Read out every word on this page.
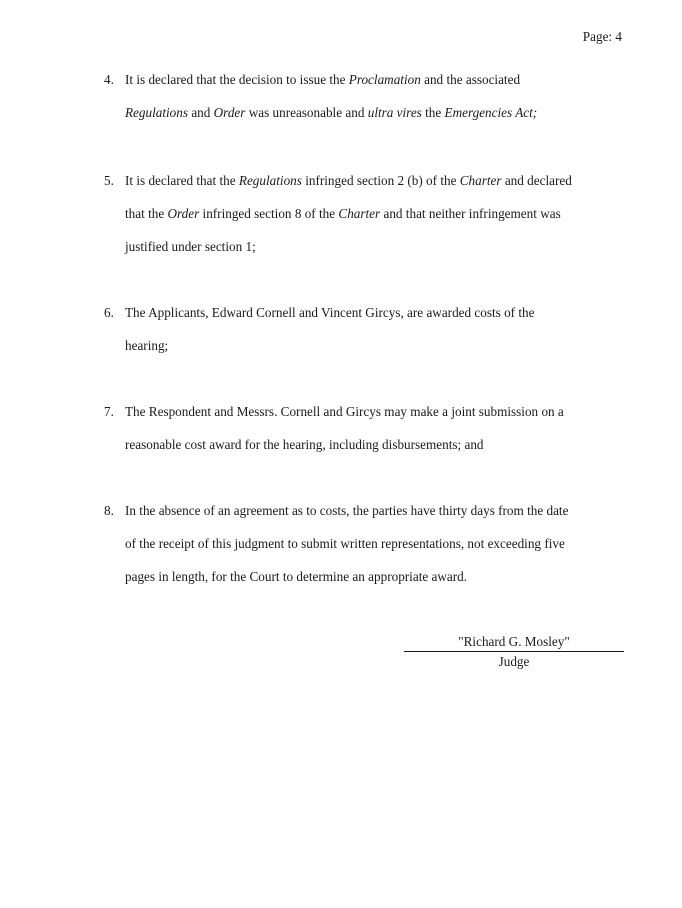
Page: 4
4. It is declared that the decision to issue the Proclamation and the associated
Regulations and Order was unreasonable and ultra vires the Emergencies Act;
5. It is declared that the Regulations infringed section 2 (b) of the Charter and declared
that the Order infringed section 8 of the Charter and that neither infringement was
justified under section 1;
6. The Applicants, Edward Cornell and Vincent Gircys, are awarded costs of the
hearing;
7. The Respondent and Messrs. Cornell and Gircys may make a joint submission on a
reasonable cost award for the hearing, including disbursements; and
8. In the absence of an agreement as to costs, the parties have thirty days from the date
of the receipt of this judgment to submit written representations, not exceeding five
pages in length, for the Court to determine an appropriate award.
"Richard G. Mosley"
Judge
